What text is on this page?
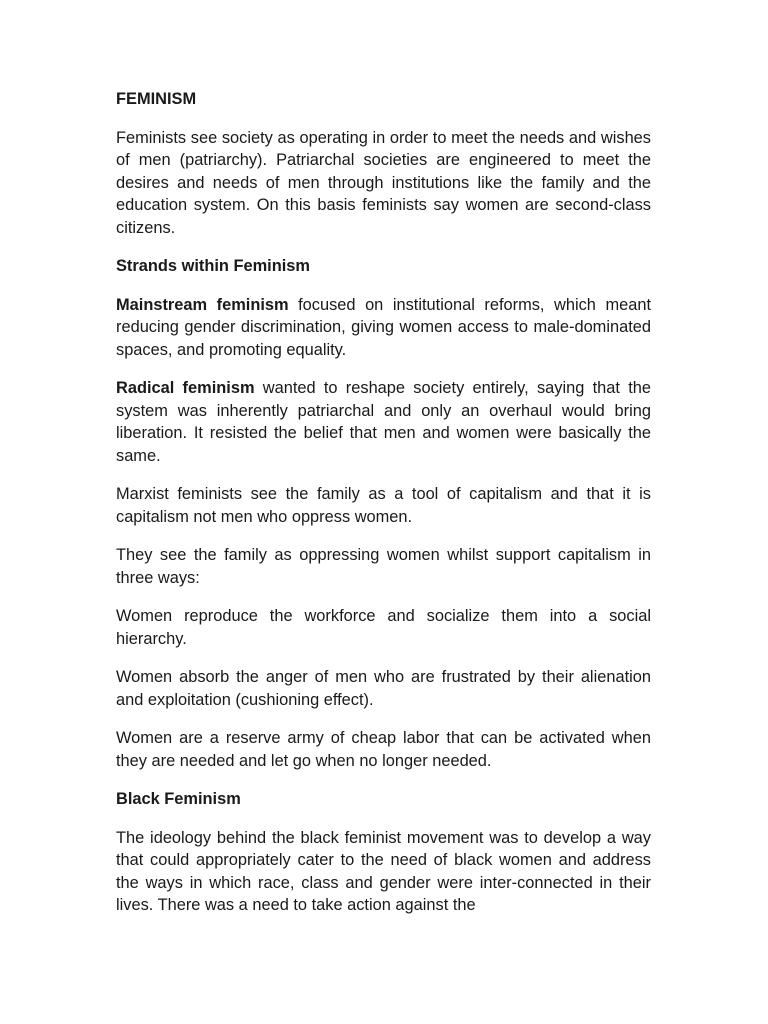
FEMINISM

Feminists see society as operating in order to meet the needs and wishes of men (patriarchy). Patriarchal societies are engineered to meet the desires and needs of men through institutions like the family and the education system. On this basis feminists say women are second-class citizens.

Strands within Feminism

Mainstream feminism focused on institutional reforms, which meant reducing gender discrimination, giving women access to male-dominated spaces, and promoting equality.

Radical feminism wanted to reshape society entirely, saying that the system was inherently patriarchal and only an overhaul would bring liberation. It resisted the belief that men and women were basically the same.

Marxist feminists see the family as a tool of capitalism and that it is capitalism not men who oppress women.

They see the family as oppressing women whilst support capitalism in three ways:

Women reproduce the workforce and socialize them into a social hierarchy.

Women absorb the anger of men who are frustrated by their alienation and exploitation (cushioning effect).

Women are a reserve army of cheap labor that can be activated when they are needed and let go when no longer needed.

Black Feminism

The ideology behind the black feminist movement was to develop a way that could appropriately cater to the need of black women and address the ways in which race, class and gender were inter-connected in their lives. There was a need to take action against the
